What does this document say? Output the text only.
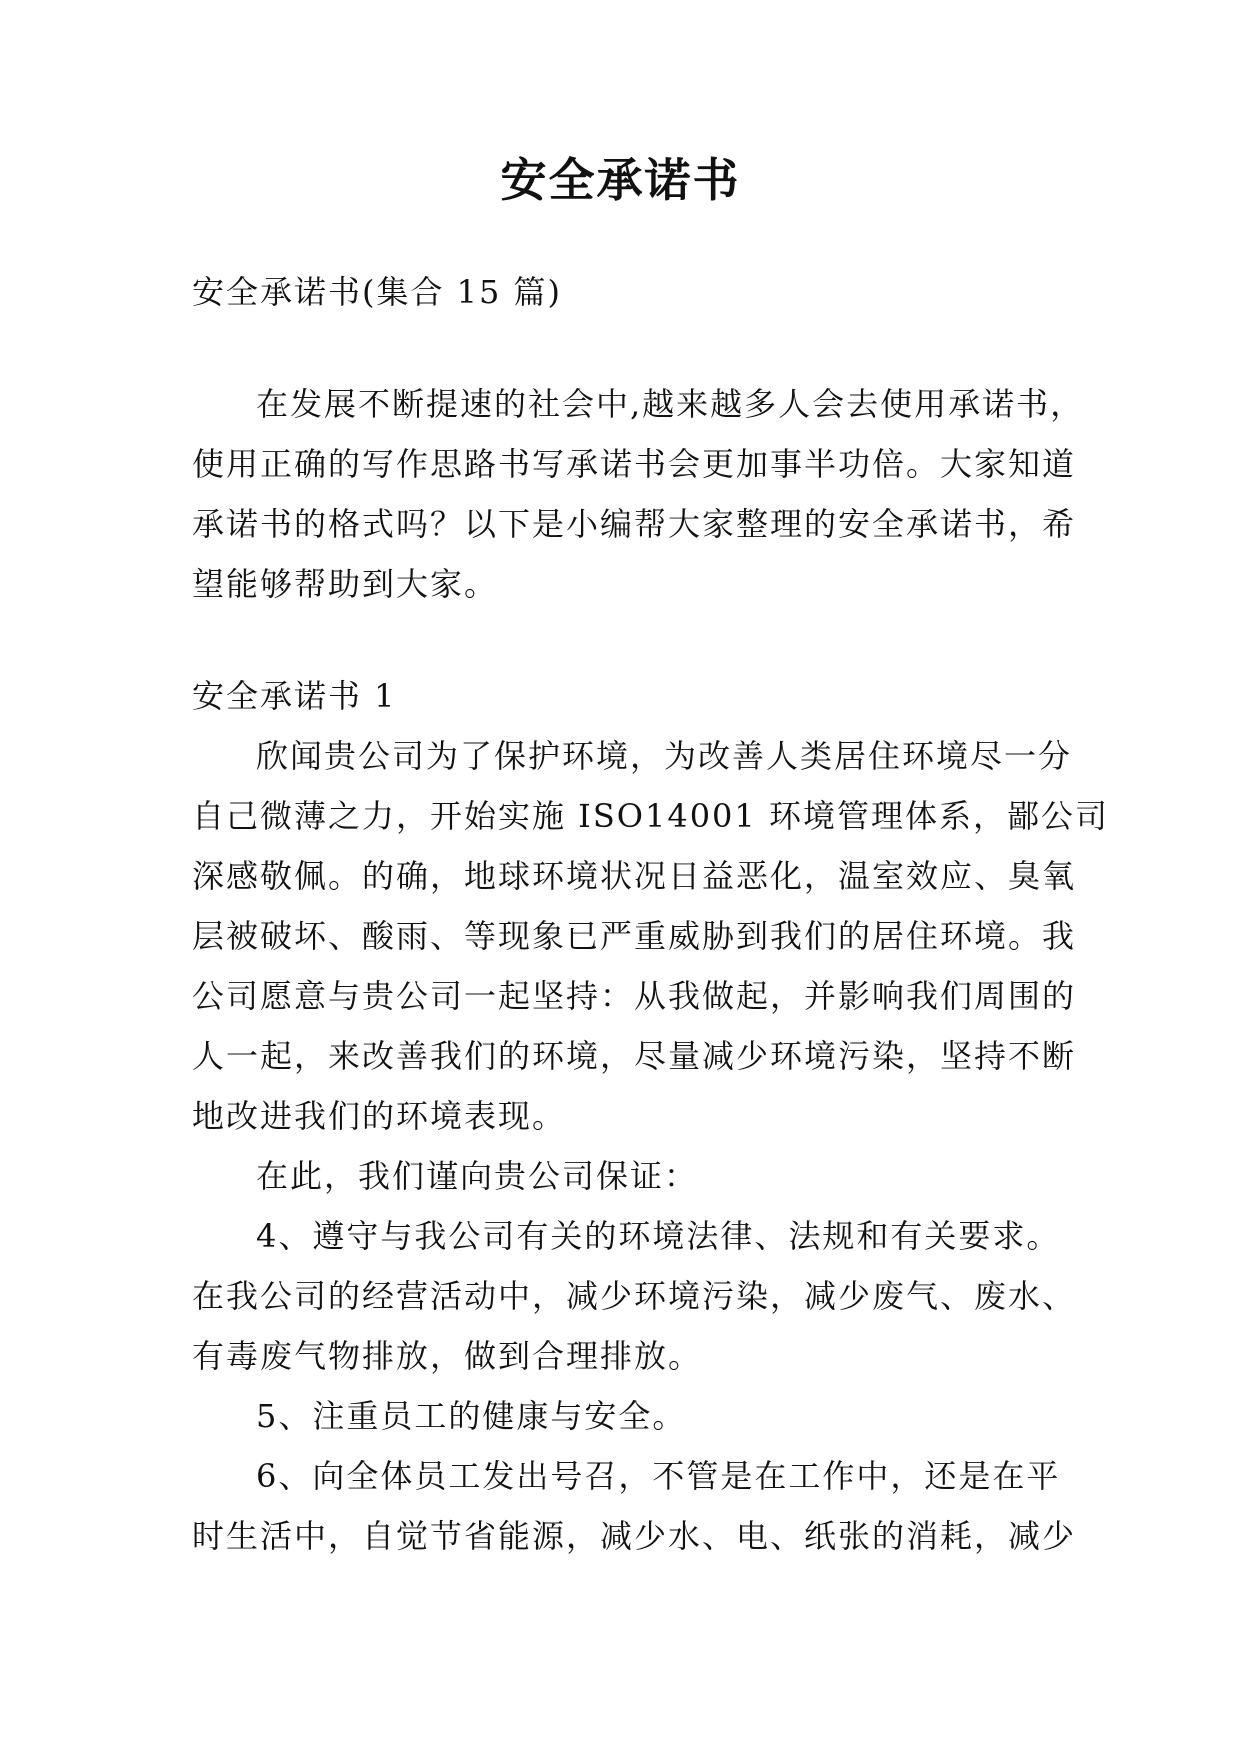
安全承诺书
安全承诺书(集合 15 篇)
在发展不断提速的社会中,越来越多人会去使用承诺书，
使用正确的写作思路书写承诺书会更加事半功倍。大家知道
承诺书的格式吗？以下是小编帮大家整理的安全承诺书，希
望能够帮助到大家。
安全承诺书 1
欣闻贵公司为了保护环境，为改善人类居住环境尽一分
自己微薄之力，开始实施 ISO14001 环境管理体系，鄙公司
深感敬佩。的确，地球环境状况日益恶化，温室效应、臭氧
层被破坏、酸雨、等现象已严重威胁到我们的居住环境。我
公司愿意与贵公司一起坚持：从我做起，并影响我们周围的
人一起，来改善我们的环境，尽量减少环境污染，坚持不断
地改进我们的环境表现。
在此，我们谨向贵公司保证：
4、遵守与我公司有关的环境法律、法规和有关要求。
在我公司的经营活动中，减少环境污染，减少废气、废水、
有毒废气物排放，做到合理排放。
5、注重员工的健康与安全。
6、向全体员工发出号召，不管是在工作中，还是在平
时生活中，自觉节省能源，减少水、电、纸张的消耗，减少
